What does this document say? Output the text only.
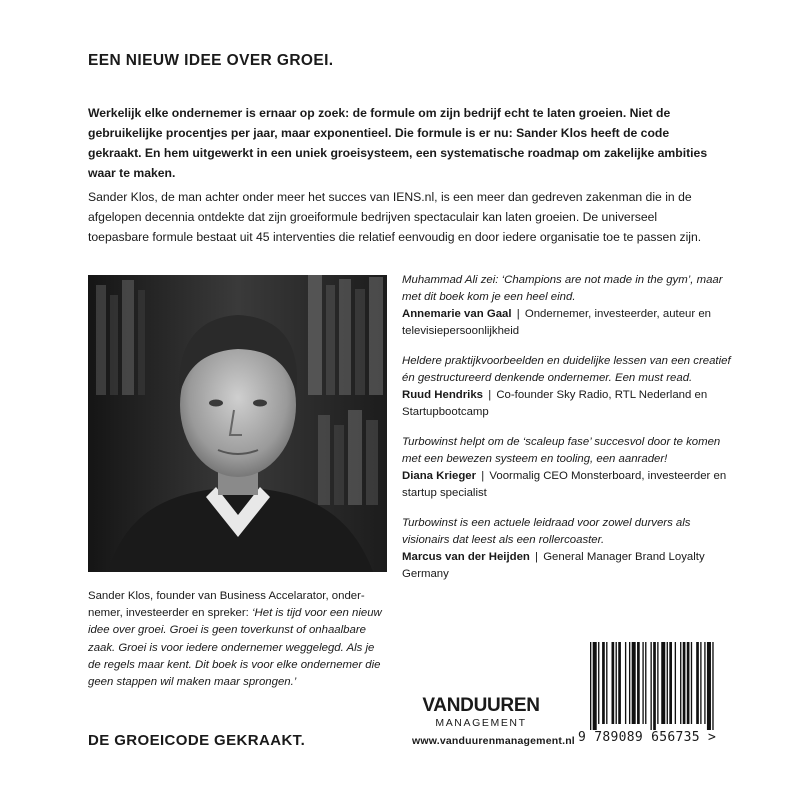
EEN NIEUW IDEE OVER GROEI.

Werkelijk elke ondernemer is ernaar op zoek: de formule om zijn bedrijf echt te laten groeien. Niet de gebruikelijke procentjes per jaar, maar exponentieel. Die formule is er nu: Sander Klos heeft de code gekraakt. En hem uitgewerkt in een uniek groeisysteem, een systematische roadmap om zakelijke ambities waar te maken.

Sander Klos, de man achter onder meer het succes van IENS.nl, is een meer dan gedreven zakenman die in de afgelopen decennia ontdekte dat zijn groeiformule bedrijven spectaculair kan laten groeien. De universeel toepasbare formule bestaat uit 45 interventies die relatief eenvoudig en door iedere organisatie toe te passen zijn.

Muhammad Ali zei: ‘Champions are not made in the gym’, maar met dit boek kom je een heel eind.
Annemarie van Gaal | Ondernemer, investeerder, auteur en televisiepersoonlijkheid
Heldere praktijkvoorbeelden en duidelijke lessen van een creatief én gestructureerd denkende ondernemer. Een must read.
Ruud Hendriks | Co-founder Sky Radio, RTL Nederland en Startupbootcamp
Turbowinst helpt om de ‘scaleup fase’ succesvol door te komen met een bewezen systeem en tooling, een aanrader!
Diana Krieger | Voormalig CEO Monsterboard, investeerder en startup specialist
Turbowinst is een actuele leidraad voor zowel durvers als visionairs dat leest als een rollercoaster.
Marcus van der Heijden | General Manager Brand Loyalty Germany

Sander Klos, founder van Business Accelarator, ondernemer, investeerder en spreker: ‘Het is tijd voor een nieuw idee over groei. Groei is geen toverkunst of onhaalbare zaak. Groei is voor iedere ondernemer weggelegd. Als je de regels maar kent. Dit boek is voor elke ondernemer die geen stappen wil maken maar sprongen.’

DE GROEICODE GEKRAAKT.
VANDUUREN
MANAGEMENT
www.vanduurenmanagement.nl 9 789089 656735 >
